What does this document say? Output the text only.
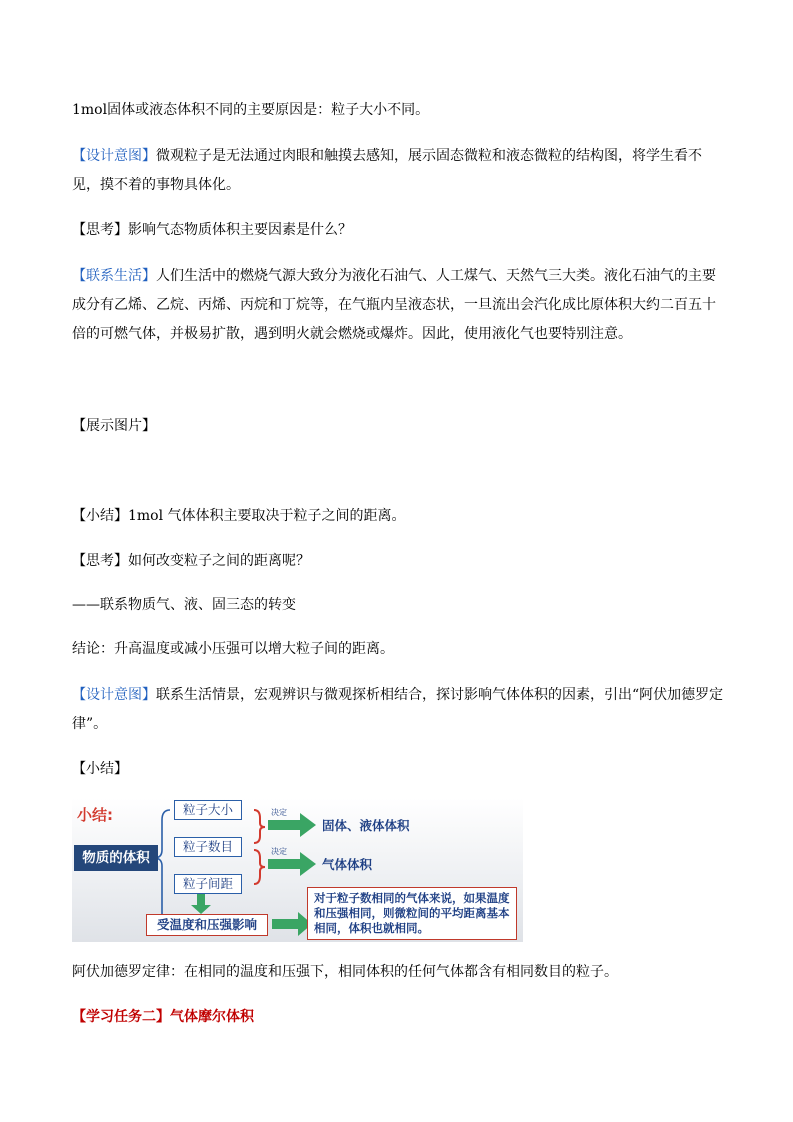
1mol固体或液态体积不同的主要原因是：粒子大小不同。
【设计意图】微观粒子是无法通过肉眼和触摸去感知，展示固态微粒和液态微粒的结构图，将学生看不见，摸不着的事物具体化。
【思考】影响气态物质体积主要因素是什么？
【联系生活】人们生活中的燃烧气源大致分为液化石油气、人工煤气、天然气三大类。液化石油气的主要成分有乙烯、乙烷、丙烯、丙烷和丁烷等，在气瓶内呈液态状，一旦流出会汽化成比原体积大约二百五十倍的可燃气体，并极易扩散，遇到明火就会燃烧或爆炸。因此，使用液化气也要特别注意。
【展示图片】
【小结】1mol 气体体积主要取决于粒子之间的距离。
【思考】如何改变粒子之间的距离呢？
——联系物质气、液、固三态的转变
结论：升高温度或减小压强可以增大粒子间的距离。
【设计意图】联系生活情景，宏观辨识与微观探析相结合，探讨影响气体体积的因素，引出“阿伏加德罗定律”。
【小结】
小结:
物质的体积
粒子大小
粒子数目
粒子间距
决定
决定
固体、液体体积
气体体积
受温度和压强影响
对于粒子数相同的气体来说，如果温度和压强相同，则微粒间的平均距离基本相同，体积也就相同。
阿伏加德罗定律：在相同的温度和压强下，相同体积的任何气体都含有相同数目的粒子。
【学习任务二】气体摩尔体积
